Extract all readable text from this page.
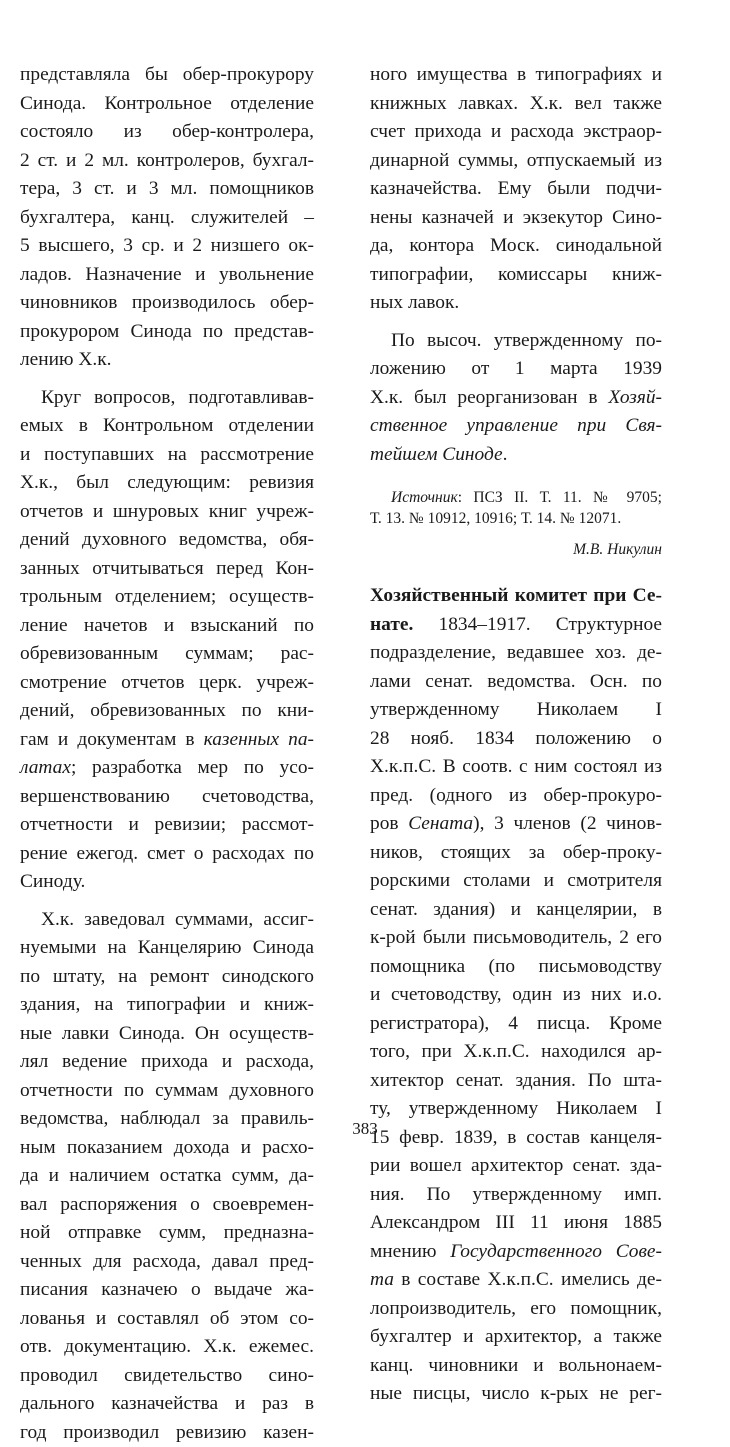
представляла бы обер-прокурору
Синода. Контрольное отделение
состояло из обер-контролера,
2 ст. и 2 мл. контролеров, бухгал-
тера, 3 ст. и 3 мл. помощников
бухгалтера, канц. служителей –
5 высшего, 3 ср. и 2 низшего ок-
ладов. Назначение и увольнение
чиновников производилось обер-
прокурором Синода по представ-
лению Х.к.

Круг вопросов, подготавливав-
емых в Контрольном отделении
и поступавших на рассмотрение
Х.к., был следующим: ревизия
отчетов и шнуровых книг учреж-
дений духовного ведомства, обя-
занных отчитываться перед Кон-
трольным отделением; осуществ-
ление начетов и взысканий по
обревизованным суммам; рас-
смотрение отчетов церк. учреж-
дений, обревизованных по кни-
гам и документам в казенных па-
латах; разработка мер по усо-
вершенствованию счетоводства,
отчетности и ревизии; рассмот-
рение ежегод. смет о расходах по
Синоду.

Х.к. заведовал суммами, ассиг-
нуемыми на Канцелярию Синода
по штату, на ремонт синодского
здания, на типографии и книж-
ные лавки Синода. Он осуществ-
лял ведение прихода и расхода,
отчетности по суммам духовного
ведомства, наблюдал за правиль-
ным показанием дохода и расхо-
да и наличием остатка сумм, да-
вал распоряжения о своевремен-
ной отправке сумм, предназна-
ченных для расхода, давал пред-
писания казначею о выдаче жа-
лованья и составлял об этом со-
отв. документацию. Х.к. ежемес.
проводил свидетельство сино-
дального казначейства и раз в
год производил ревизию казен-

ного имущества в типографиях и
книжных лавках. Х.к. вел также
счет прихода и расхода экстраор-
динарной суммы, отпускаемый из
казначейства. Ему были подчи-
нены казначей и экзекутор Сино-
да, контора Моск. синодальной
типографии, комиссары книж-
ных лавок.

По высоч. утвержденному по-
ложению от 1 марта 1939
Х.к. был реорганизован в Хозяй-
ственное управление при Свя-
тейшем Синоде.

Источник: ПСЗ II. Т. 11. № 9705;
Т. 13. № 10912, 10916; Т. 14. № 12071.

М.В. Никулин

Хозяйственный комитет при Се-
нате. 1834–1917. Структурное
подразделение, ведавшее хоз. де-
лами сенат. ведомства. Осн. по
утвержденному Николаем I
28 нояб. 1834 положению о
Х.к.п.С. В соотв. с ним состоял из
пред. (одного из обер-прокуро-
ров Сената), 3 членов (2 чинов-
ников, стоящих за обер-проку-
рорскими столами и смотрителя
сенат. здания) и канцелярии, в
к-рой были письмоводитель, 2 его
помощника (по письмоводству
и счетоводству, один из них и.о.
регистратора), 4 писца. Кроме
того, при Х.к.п.С. находился ар-
хитектор сенат. здания. По шта-
ту, утвержденному Николаем I
15 февр. 1839, в состав канцеля-
рии вошел архитектор сенат. зда-
ния. По утвержденному имп.
Александром III 11 июня 1885
мнению Государственного Сове-
та в составе Х.к.п.С. имелись де-
лопроизводитель, его помощник,
бухгалтер и архитектор, а также
канц. чиновники и вольнонаем-
ные писцы, число к-рых не рег-

383
